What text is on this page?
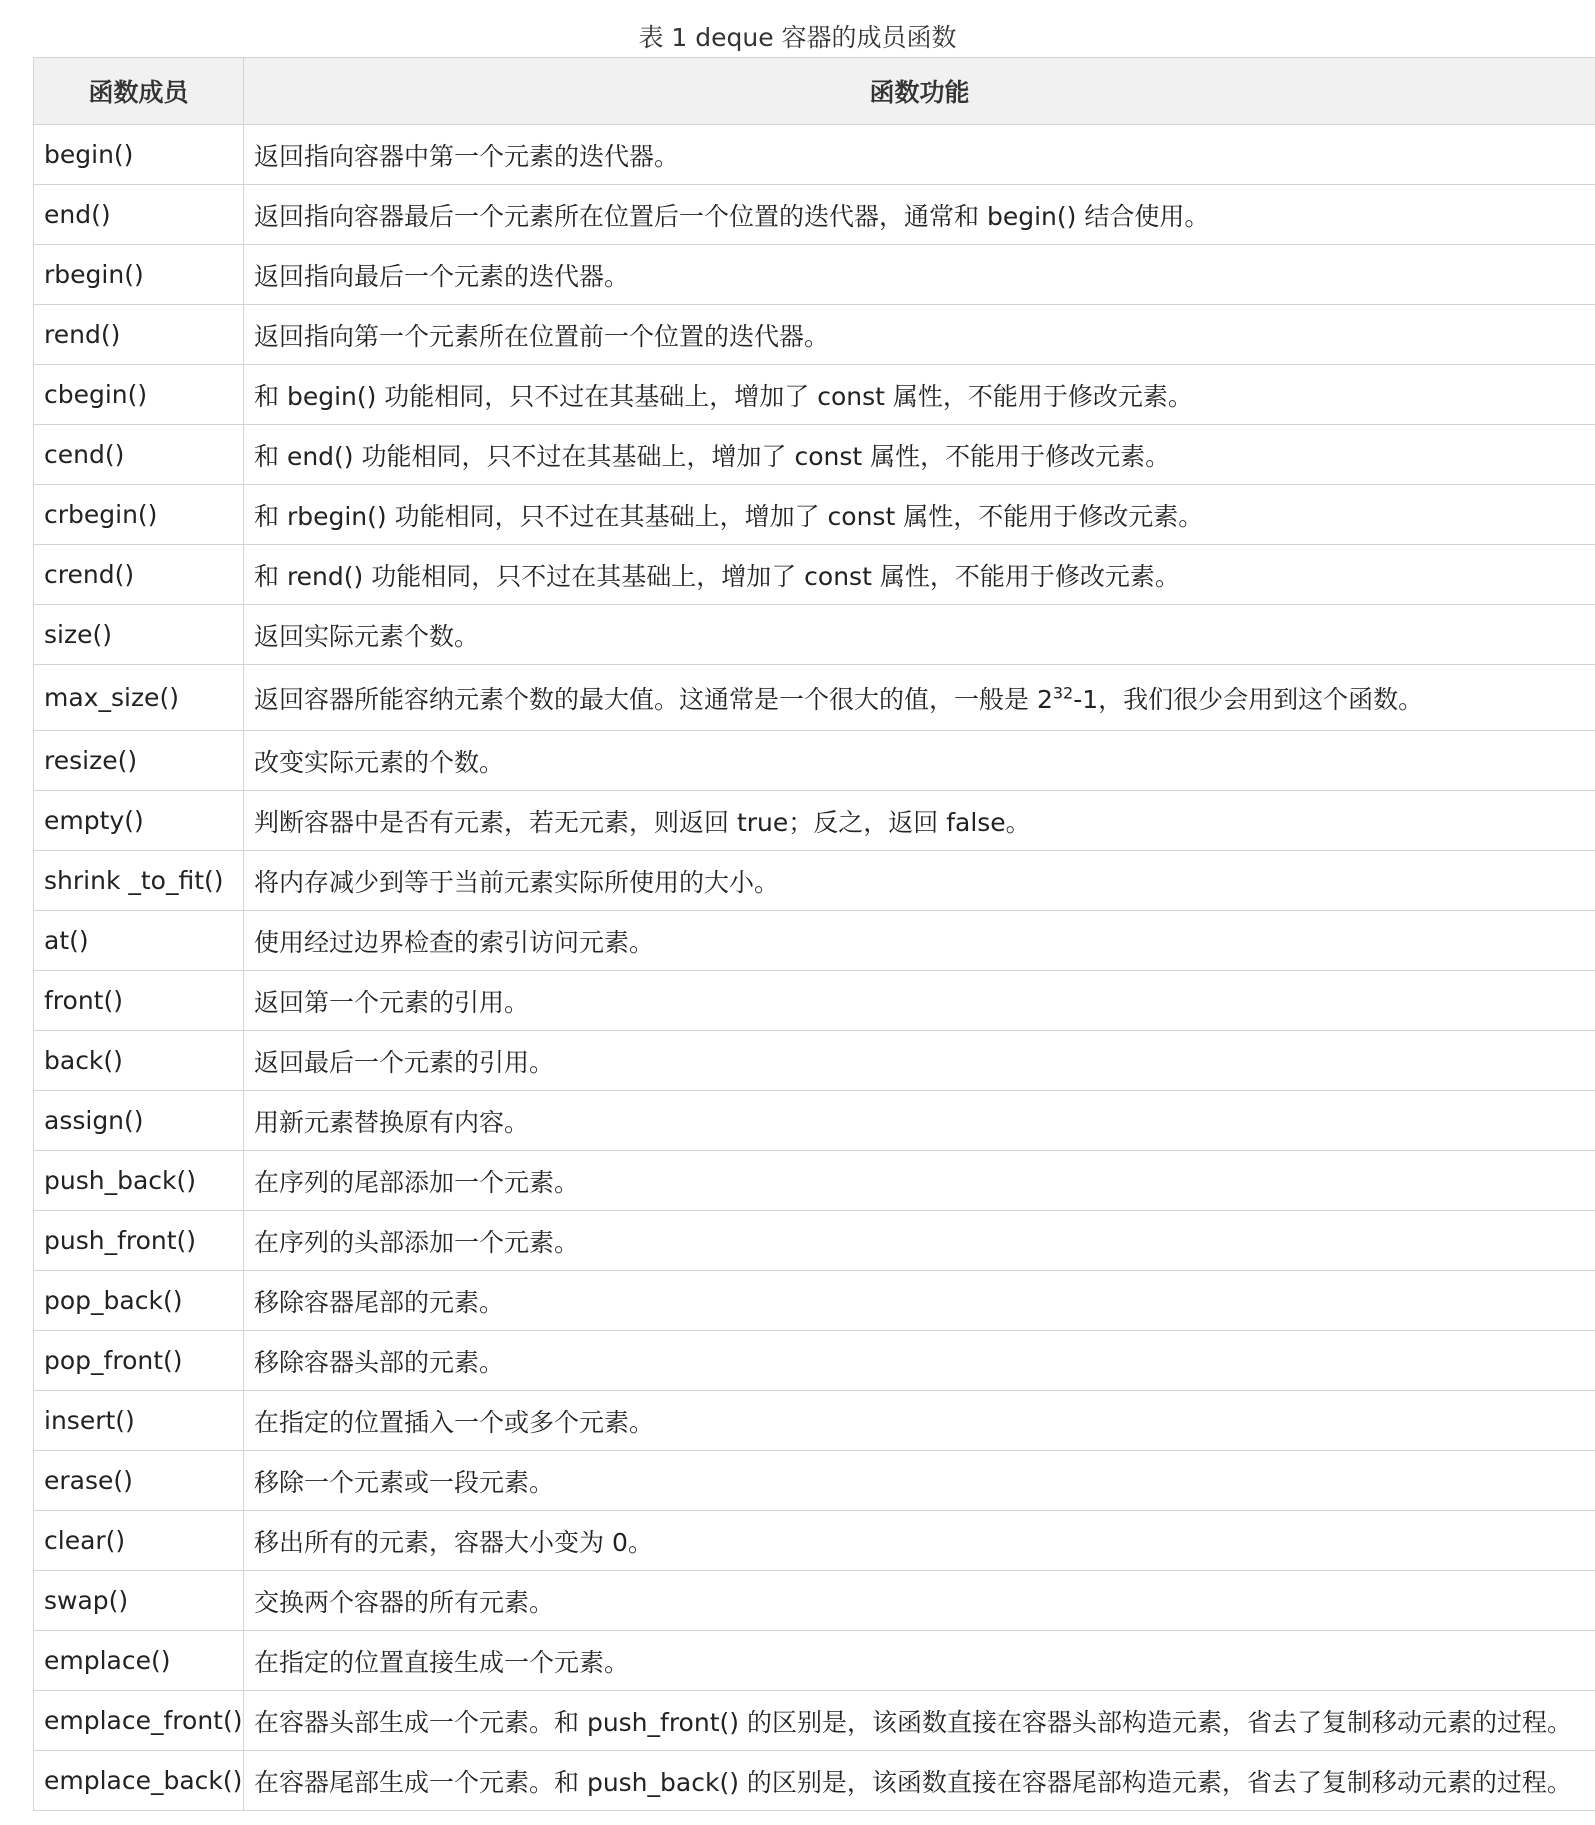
表 1 deque 容器的成员函数
函数成员	函数功能
begin()	返回指向容器中第一个元素的迭代器。
end()	返回指向容器最后一个元素所在位置后一个位置的迭代器，通常和 begin() 结合使用。
rbegin()	返回指向最后一个元素的迭代器。
rend()	返回指向第一个元素所在位置前一个位置的迭代器。
cbegin()	和 begin() 功能相同，只不过在其基础上，增加了 const 属性，不能用于修改元素。
cend()	和 end() 功能相同，只不过在其基础上，增加了 const 属性，不能用于修改元素。
crbegin()	和 rbegin() 功能相同，只不过在其基础上，增加了 const 属性，不能用于修改元素。
crend()	和 rend() 功能相同，只不过在其基础上，增加了 const 属性，不能用于修改元素。
size()	返回实际元素个数。
max_size()	返回容器所能容纳元素个数的最大值。这通常是一个很大的值，一般是 $2^{32}-1$，我们很少会用到这个函数。
resize()	改变实际元素的个数。
empty()	判断容器中是否有元素，若无元素，则返回 true；反之，返回 false。
shrink _to_fit()	将内存减少到等于当前元素实际所使用的大小。
at()	使用经过边界检查的索引访问元素。
front()	返回第一个元素的引用。
back()	返回最后一个元素的引用。
assign()	用新元素替换原有内容。
push_back()	在序列的尾部添加一个元素。
push_front()	在序列的头部添加一个元素。
pop_back()	移除容器尾部的元素。
pop_front()	移除容器头部的元素。
insert()	在指定的位置插入一个或多个元素。
erase()	移除一个元素或一段元素。
clear()	移出所有的元素，容器大小变为 0。
swap()	交换两个容器的所有元素。
emplace()	在指定的位置直接生成一个元素。
emplace_front()	在容器头部生成一个元素。和 push_front() 的区别是，该函数直接在容器头部构造元素，省去了复制移动元素的过程。
emplace_back()	在容器尾部生成一个元素。和 push_back() 的区别是，该函数直接在容器尾部构造元素，省去了复制移动元素的过程。
